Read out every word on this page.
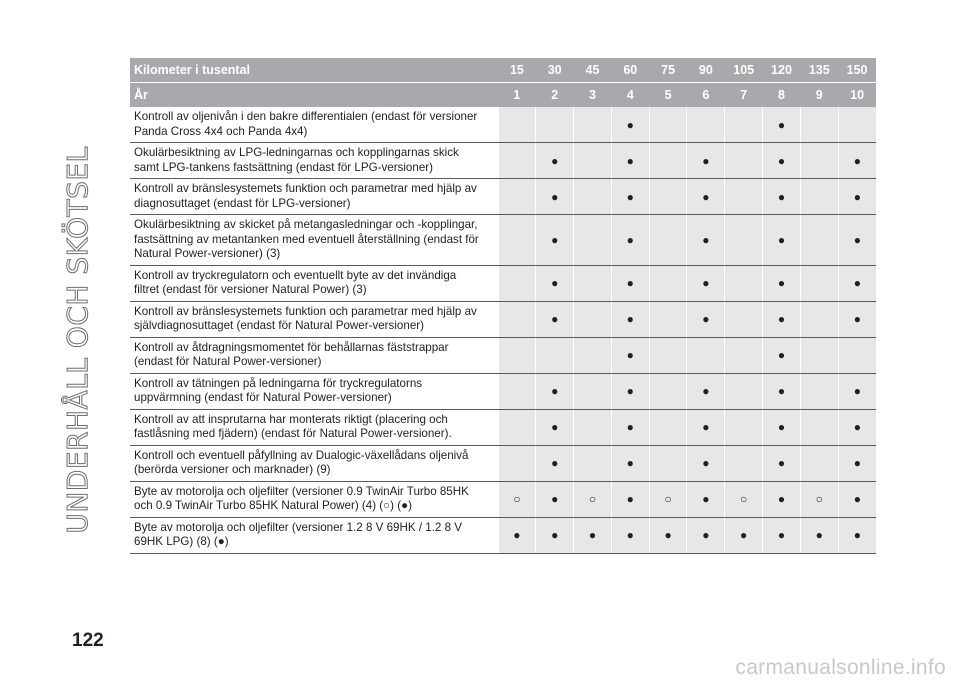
UNDERHÅLL OCH SKÖTSEL
Kilometer i tusental	15	30	45	60	75	90	105	120	135	150
År	1	2	3	4	5	6	7	8	9	10
Kontroll av oljenivån i den bakre differentialen (endast för versioner
Panda Cross 4x4 och Panda 4x4)				●				●		
Okulärbesiktning av LPG-ledningarnas och kopplingarnas skick
samt LPG-tankens fastsättning (endast för LPG-versioner)		●		●		●		●		●
Kontroll av bränslesystemets funktion och parametrar med hjälp av
diagnosuttaget (endast för LPG-versioner)		●		●		●		●		●
Okulärbesiktning av skicket på metangasledningar och -kopplingar,
fastsättning av metantanken med eventuell återställning (endast för
Natural Power-versioner) (3)		●		●		●		●		●
Kontroll av tryckregulatorn och eventuellt byte av det invändiga
filtret (endast för versioner Natural Power) (3)		●		●		●		●		●
Kontroll av bränslesystemets funktion och parametrar med hjälp av
självdiagnosuttaget (endast för Natural Power-versioner)		●		●		●		●		●
Kontroll av åtdragningsmomentet för behållarnas fäststrappar
(endast för Natural Power-versioner)				●				●		
Kontroll av tätningen på ledningarna för tryckregulatorns
uppvärmning (endast för Natural Power-versioner)		●		●		●		●		●
Kontroll av att insprutarna har monterats riktigt (placering och
fastlåsning med fjädern) (endast för Natural Power-versioner).		●		●		●		●		●
Kontroll och eventuell påfyllning av Dualogic-växellådans oljenivå
(berörda versioner och marknader) (9)		●		●		●		●		●
Byte av motorolja och oljefilter (versioner 0.9 TwinAir Turbo 85HK
och 0.9 TwinAir Turbo 85HK Natural Power) (4) (○) (●)	○	●	○	●	○	●	○	●	○	●
Byte av motorolja och oljefilter (versioner 1.2 8 V 69HK / 1.2 8 V
69HK LPG) (8) (●)	●	●	●	●	●	●	●	●	●	●
122
carmanualsonline.info
